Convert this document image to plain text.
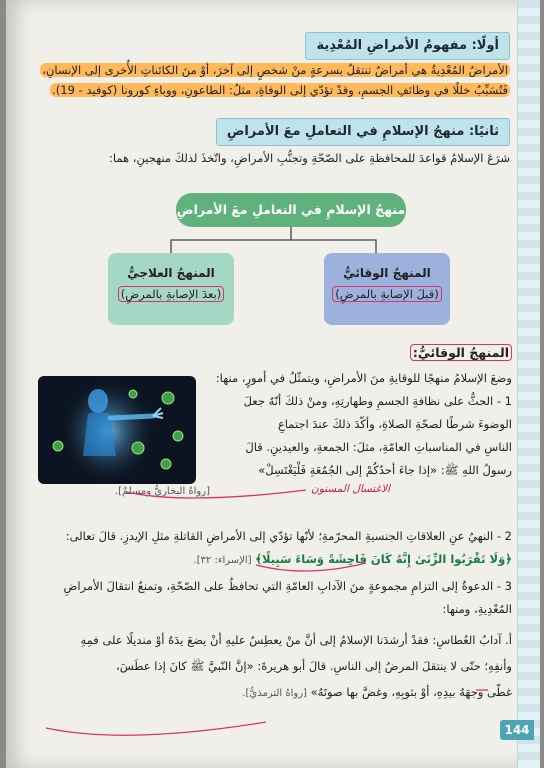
أولًا: مفهومُ الأمراضِ المُعْدِية
الأمراضُ المُعْدِيةُ هي أمراضٌ تنتقلُ بسرعةٍ منْ شخصٍ إلى آخرَ، أوْ منَ الكائناتِ الأُخرى إلى الإنسانِ،
فَتُسَبِّبُ خللًا في وظائفِ الجسمِ، وقدْ تؤدّي إلى الوفاةِ، مثلُ: الطاعونِ، ووباءِ كورونا (كوفيد - 19).
ثانيًا: منهجُ الإسلامِ في التعاملِ معَ الأمراضِ
شرَعَ الإسلامُ قواعدَ للمحافظةِ على الصّحّةِ وتجنُّبِ الأمراضِ، واتّخذَ لذلكَ منهجينِ، هما:
منهجُ الإسلامِ في التعاملِ معَ الأمراضِ
المنهجُ الوقائيُّ
(قبلَ الإصابةِ بالمرضِ)
المنهجُ العلاجيُّ
(بعدَ الإصابةِ بالمرضِ)
المنهجُ الوقائيُّ:
وضعَ الإسلامُ منهجًا للوقايةِ منَ الأمراضِ، ويتمثّلُ في أمورٍ، منها:
1 - الحثُّ على نظافةِ الجسمِ وطهارتِهِ، ومنْ ذلكَ أنّهُ جعلَ
الوضوءَ شرطًا لصحّةِ الصلاةِ، وأكّدَ ذلكَ عندَ اجتماعِ
الناسِ في المناسباتِ العامّةِ، مثلَ: الجمعةِ، والعيدينِ. قالَ
رسولُ اللهِ ﷺ: «إذا جاءَ أحدُكُمْ إلى الجُمُعَةِ فَلْيَغْتَسِلْ»
[رواهُ البخاريُّ ومسلمٌ].	الاغتسال المسنون
2 - النهيُ عنِ العلاقاتِ الجنسيةِ المحرّمةِ؛ لأنّها تؤدّي إلى الأمراضِ القاتلةِ مثلِ الإيدزِ. قالَ تعالى:
﴿وَلَا تَقْرَبُوا الزِّنَىٰ إِنَّهُ كَانَ فَاحِشَةً وَسَاءَ سَبِيلًا﴾ [الإسراء: ٣٢].
3 - الدعوةُ إلى التزامِ مجموعةٍ منَ الآدابِ العامّةِ التي تحافظُ على الصّحّةِ، وتمنعُ انتقالَ الأمراضِ
المُعْدِيةِ، ومنها:
أ. آدابُ العُطاسِ: فقدْ أرشدَنا الإسلامُ إلى أنَّ منْ يعطِسُ عليهِ أنْ يضعَ يدَهُ أوْ منديلًا على فمِهِ
وأنفِهِ؛ حتّى لا ينتقلَ المرضُ إلى الناسِ. قالَ أبو هريرةَ: «إنَّ النّبيَّ ﷺ كانَ إذا عطَسَ،
غطّى وجهَهُ بيدِهِ، أوْ بثوبِهِ، وغضَّ بها صوتَهُ» [رواهُ الترمذيُّ].
144
